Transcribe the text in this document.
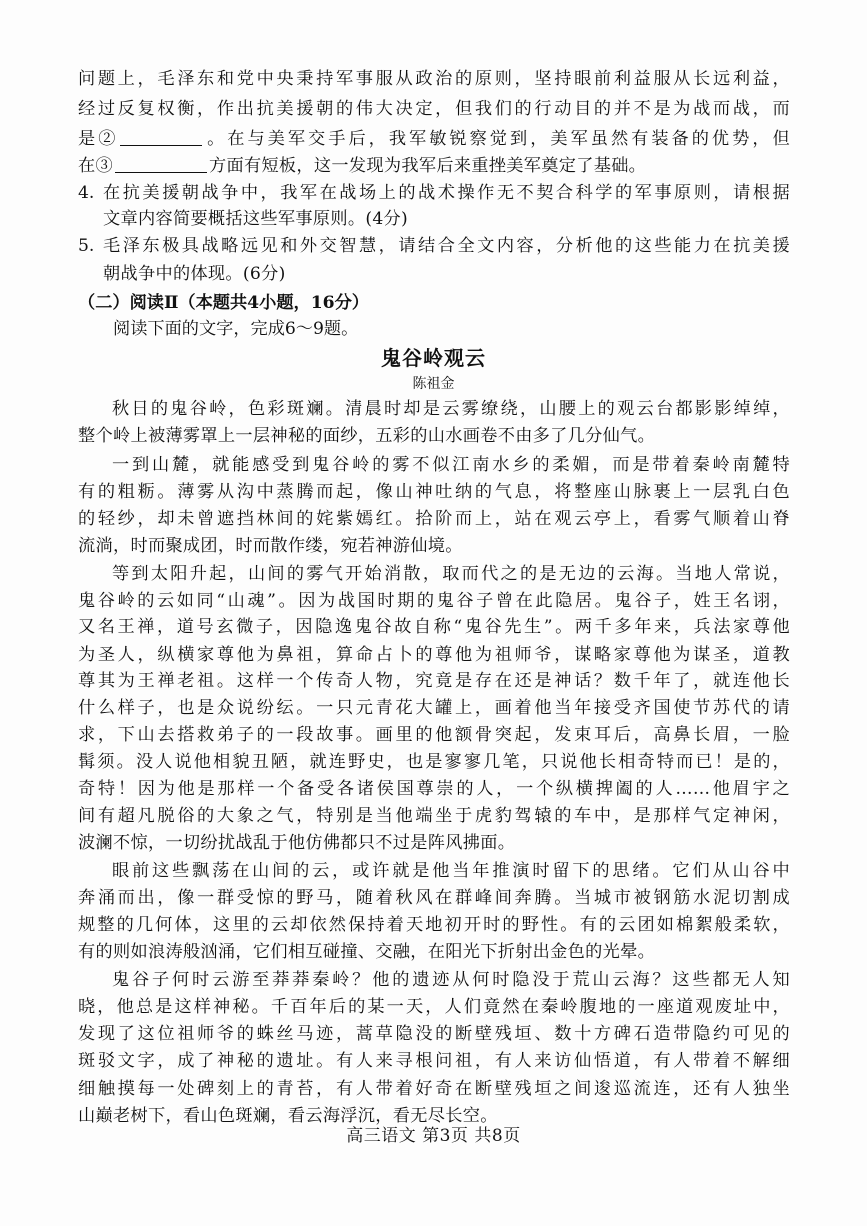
问题上，毛泽东和党中央秉持军事服从政治的原则，坚持眼前利益服从长远利益，
经过反复权衡，作出抗美援朝的伟大决定，但我们的行动目的并不是为战而战，而
是②	。在与美军交手后，我军敏锐察觉到，美军虽然有装备的优势，但
在③	方面有短板，这一发现为我军后来重挫美军奠定了基础。
4. 在抗美援朝战争中，我军在战场上的战术操作无不契合科学的军事原则，请根据
文章内容简要概括这些军事原则。(4分)
5. 毛泽东极具战略远见和外交智慧，请结合全文内容，分析他的这些能力在抗美援
朝战争中的体现。(6分)
（二）阅读Ⅱ（本题共4小题，16分）
阅读下面的文字，完成6～9题。
鬼谷岭观云
陈祖金
秋日的鬼谷岭，色彩斑斓。清晨时却是云雾缭绕，山腰上的观云台都影影绰绰，
整个岭上被薄雾罩上一层神秘的面纱，五彩的山水画卷不由多了几分仙气。
一到山麓，就能感受到鬼谷岭的雾不似江南水乡的柔媚，而是带着秦岭南麓特
有的粗粝。薄雾从沟中蒸腾而起，像山神吐纳的气息，将整座山脉裹上一层乳白色
的轻纱，却未曾遮挡林间的姹紫嫣红。拾阶而上，站在观云亭上，看雾气顺着山脊
流淌，时而聚成团，时而散作缕，宛若神游仙境。
等到太阳升起，山间的雾气开始消散，取而代之的是无边的云海。当地人常说，
鬼谷岭的云如同“山魂”。因为战国时期的鬼谷子曾在此隐居。鬼谷子，姓王名诩，
又名王禅，道号玄微子，因隐逸鬼谷故自称“鬼谷先生”。两千多年来，兵法家尊他
为圣人，纵横家尊他为鼻祖，算命占卜的尊他为祖师爷，谋略家尊他为谋圣，道教
尊其为王禅老祖。这样一个传奇人物，究竟是存在还是神话？数千年了，就连他长
什么样子，也是众说纷纭。一只元青花大罐上，画着他当年接受齐国使节苏代的请
求，下山去搭救弟子的一段故事。画里的他额骨突起，发束耳后，高鼻长眉，一脸
髯须。没人说他相貌丑陋，就连野史，也是寥寥几笔，只说他长相奇特而已！是的，
奇特！因为他是那样一个备受各诸侯国尊崇的人，一个纵横捭阖的人……他眉宇之
间有超凡脱俗的大象之气，特别是当他端坐于虎豹驾辕的车中，是那样气定神闲，
波澜不惊，一切纷扰战乱于他仿佛都只不过是阵风拂面。
眼前这些飘荡在山间的云，或许就是他当年推演时留下的思绪。它们从山谷中
奔涌而出，像一群受惊的野马，随着秋风在群峰间奔腾。当城市被钢筋水泥切割成
规整的几何体，这里的云却依然保持着天地初开时的野性。有的云团如棉絮般柔软，
有的则如浪涛般汹涌，它们相互碰撞、交融，在阳光下折射出金色的光晕。
鬼谷子何时云游至莽莽秦岭？他的遗迹从何时隐没于荒山云海？这些都无人知
晓，他总是这样神秘。千百年后的某一天，人们竟然在秦岭腹地的一座道观废址中，
发现了这位祖师爷的蛛丝马迹，蒿草隐没的断壁残垣、数十方碑石造带隐约可见的
斑驳文字，成了神秘的遗址。有人来寻根问祖，有人来访仙悟道，有人带着不解细
细触摸每一处碑刻上的青苔，有人带着好奇在断壁残垣之间逡巡流连，还有人独坐
山巅老树下，看山色斑斓，看云海浮沉，看无尽长空。
高三语文 第3页 共8页
